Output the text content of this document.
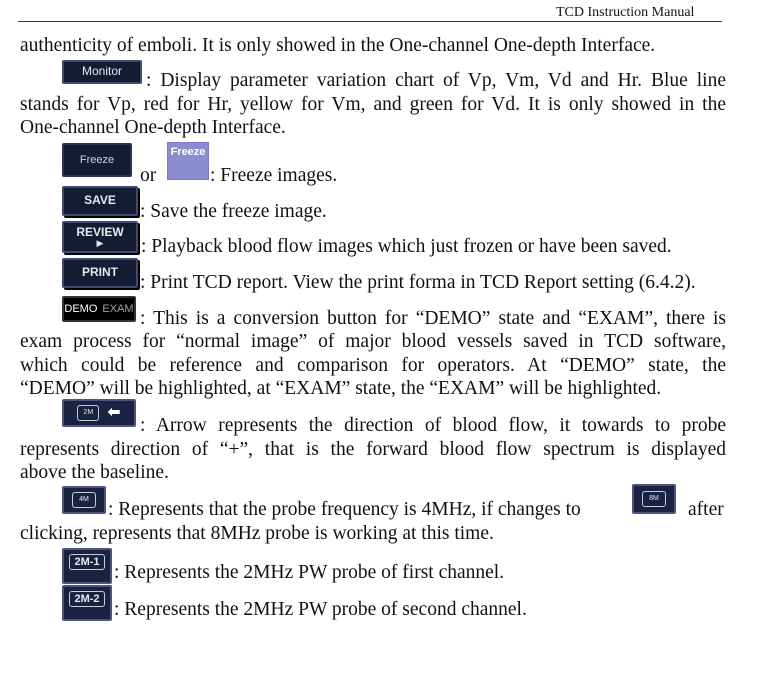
TCD Instruction Manual
authenticity of emboli. It is only showed in the One-channel One-depth Interface.
Monitor	: Display parameter variation chart of Vp, Vm, Vd and Hr. Blue line
stands for Vp, red for Hr, yellow for Vm, and green for Vd. It is only showed in the
One-channel One-depth Interface.
Freeze
or
Freeze
: Freeze images.
SAVE
: Save the freeze image.
REVIEW
▶ : Playback blood flow images which just frozen or have been saved.
PRINT	: Print TCD report. View the print forma in TCD Report setting (6.4.2).
DEMO EXAM : This is a conversion button for “DEMO” state and “EXAM”, there is
exam process for “normal image” of major blood vessels saved in TCD software,
which could be reference and comparison for operators. At “DEMO” state, the
“DEMO” will be highlighted, at “EXAM” state, the “EXAM” will be highlighted.
2M ⬅
: Arrow represents the direction of blood flow, it towards to probe
represents direction of “+”, that is the forward blood flow spectrum is displayed
above the baseline.
4M : Represents that the probe frequency is 4MHz, if changes to
8M
after
clicking, represents that 8MHz probe is working at this time.
2M-1 : Represents the 2MHz PW probe of first channel.
2M-2 : Represents the 2MHz PW probe of second channel.
